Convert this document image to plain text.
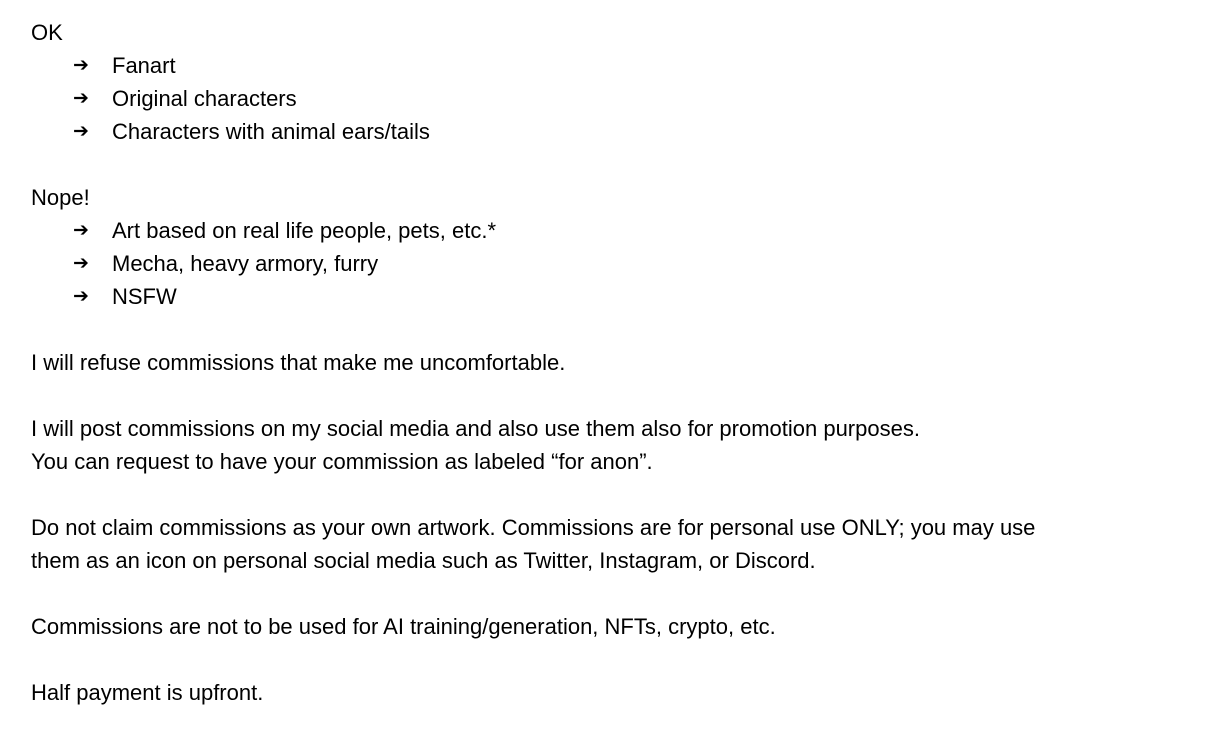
OK
➔ Fanart
➔ Original characters
➔ Characters with animal ears/tails
Nope!
➔ Art based on real life people, pets, etc.*
➔ Mecha, heavy armory, furry
➔ NSFW
I will refuse commissions that make me uncomfortable.
I will post commissions on my social media and also use them also for promotion purposes.
You can request to have your commission as labeled “for anon”.
Do not claim commissions as your own artwork. Commissions are for personal use ONLY; you may use
them as an icon on personal social media such as Twitter, Instagram, or Discord.
Commissions are not to be used for AI training/generation, NFTs, crypto, etc.
Half payment is upfront.
